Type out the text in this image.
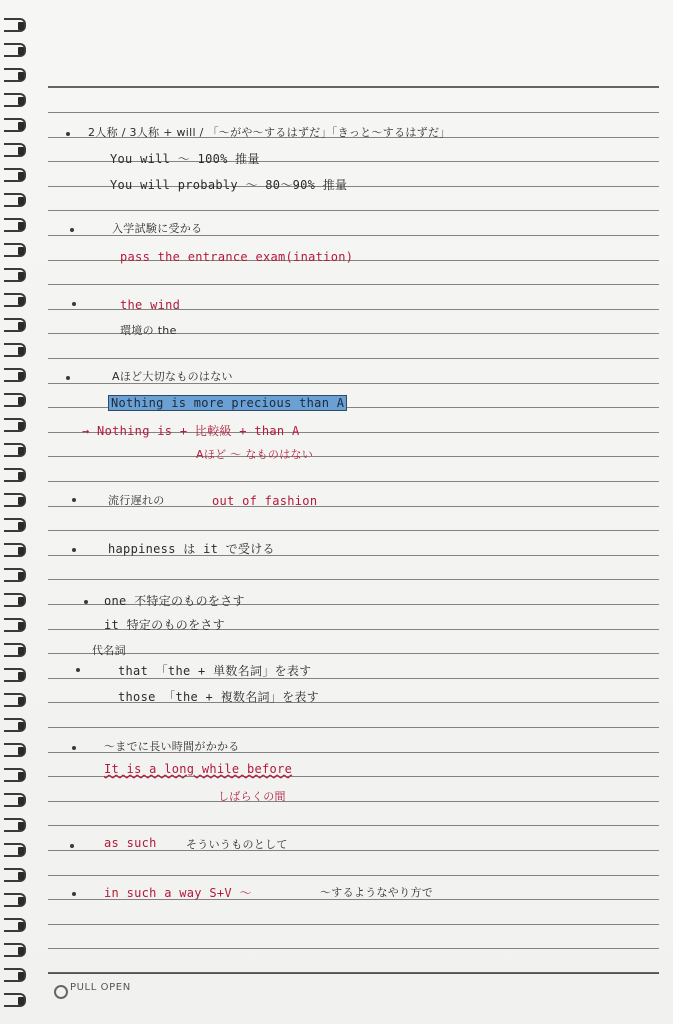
2人称 / 3人称 + will / 「〜がや〜するはずだ」「きっと〜するはずだ」
You will 〜 100% 推量
You will probably 〜 80〜90% 推量
入学試験に受かる
pass the entrance exam(ination)
the wind
環境の the
Aほど大切なものはない
Nothing is more precious than A
→ Nothing is + 比較級 + than A
Aほど 〜 なものはない
流行遅れの	out of fashion
happiness は it で受ける
one 不特定のものをさす
it 特定のものをさす
代名詞
that 「the + 単数名詞」を表す
those 「the + 複数名詞」を表す
〜までに長い時間がかかる
It is a long while before
しばらくの間
as such	そういうものとして
in such a way S+V 〜	〜するようなやり方で
PULL OPEN
